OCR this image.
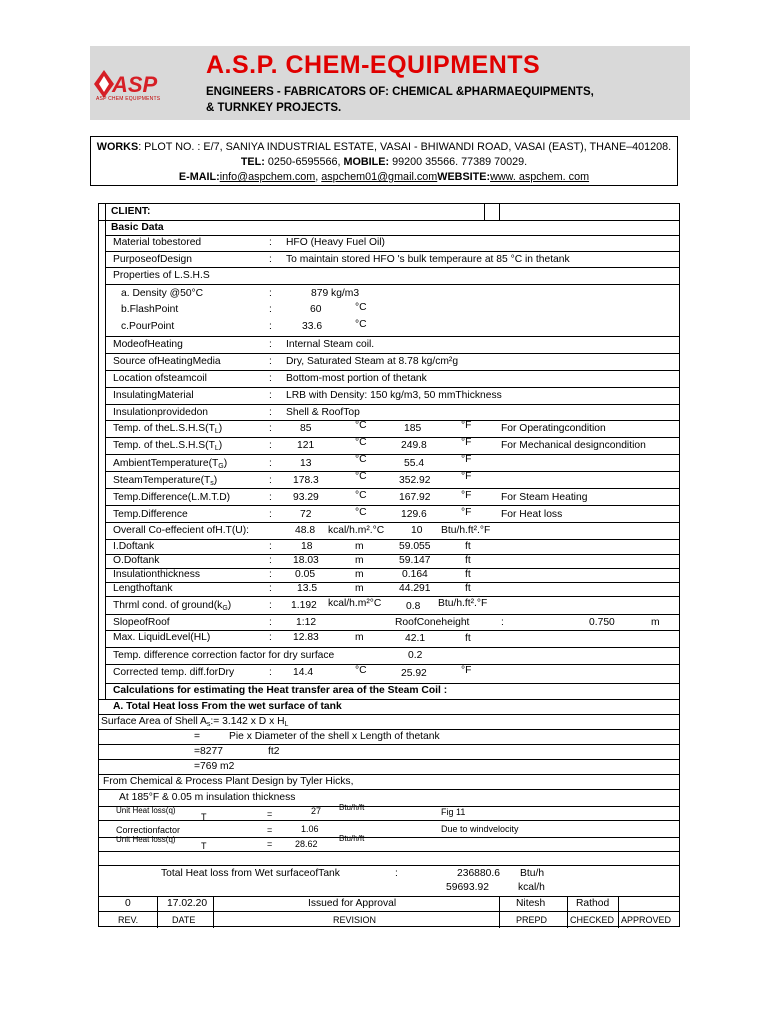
ASP
ASP CHEM EQUIPMENTS
A.S.P. CHEM-EQUIPMENTS
ENGINEERS - FABRICATORS OF: CHEMICAL &PHARMAEQUIPMENTS,
& TURNKEY PROJECTS.
WORKS: PLOT NO. : E/7, SANIYA INDUSTRIAL ESTATE, VASAI - BHIWANDI ROAD, VASAI (EAST), THANE–401208.
TEL: 0250-6595566, MOBILE: 99200 35566. 77389 70029.
E-MAIL:info@aspchem.com, aspchem01@gmail.comWEBSITE:www. aspchem. com
CLIENT:
Basic Data
Material tobestored	: HFO (Heavy Fuel Oil)
PurposeofDesign	: To maintain stored HFO 's bulk temperaure at 85 °C in thetank
Properties of L.S.H.S
a. Density @50°C	:	879 kg/m3
b.FlashPoint	:	60	°C
c.PourPoint	:	33.6	°C
ModeofHeating	: Internal Steam coil.
Source ofHeatingMedia	: Dry, Saturated Steam at 8.78 kg/cm²g
Location ofsteamcoil	: Bottom-most portion of thetank
InsulatingMaterial	: LRB with Density: 150 kg/m3, 50 mmThickness
Insulationprovidedon	: Shell & RoofTop
Temp. of $theL.S.H.S(T_L)$	:	85	°C	185	°F	For Operatingcondition
Temp. of $theL.S.H.S(T_L)$	: 121	°C	249.8	°F	For Mechanical designcondition
$AmbientTemperature(T_G)$	:	13	°C	55.4	°F
$SteamTemperature(T_s)$	: 178.3	°C	352.92	°F
Temp.Difference(L.M.T.D)	: 93.29	°C	167.92	°F	For Steam Heating
Temp.Difference	:	72	°C	129.6	°F	For Heat loss
Overall Co-effecient ofH.T(U):	48.8 kcal/h.m².°C	10 Btu/h.ft².°F
I.Doftank	:	18	m	59.055	ft
O.Doftank	: 18.03	m	59.147	ft
Insulationthickness	: 0.05	m	0.164	ft
Lengthoftank	: 13.5	m	44.291	ft
Thrml cond. of $ground(k_G)$	: 1.192 kcal/h.m²°C 0.8 Btu/h.ft².°F
SlopeofRoof	: 1:12	RoofConeheight	:	0.750	m
Max. LiquidLevel(HL)	: 12.83	m	42.1	ft
Temp. difference correction factor for dry surface	0.2
Corrected temp. diff.forDry	: 14.4	°C	25.92	°F
Calculations for estimating the Heat transfer area of the Steam Coil :
A. Total Heat loss From the wet surface of tank
Surface Area of Shell $A_s:= 3.142$ x D x $H_L$
=	Pie x Diameter of the shell x Length of thetank
=8277	ft2
=769 m2
From Chemical & Process Plant Design by Tyler Hicks,
At 185°F & 0.05 m insulation thickness
Unit Heat loss(q)
T	=	27 Btu/h/ft	Fig 11
Correctionfactor	=	1.06	Due to windvelocity
Unit Heat loss(q)
T	=	28.62
Btu/h/ft
Total Heat loss from Wet surfaceofTank	:	236880.6 Btu/h
59693.92	kcal/h
0	17.02.20	Issued for Approval	Nitesh	Rathod
REV.	DATE	REVISION	PREPD	CHECKED APPROVED
